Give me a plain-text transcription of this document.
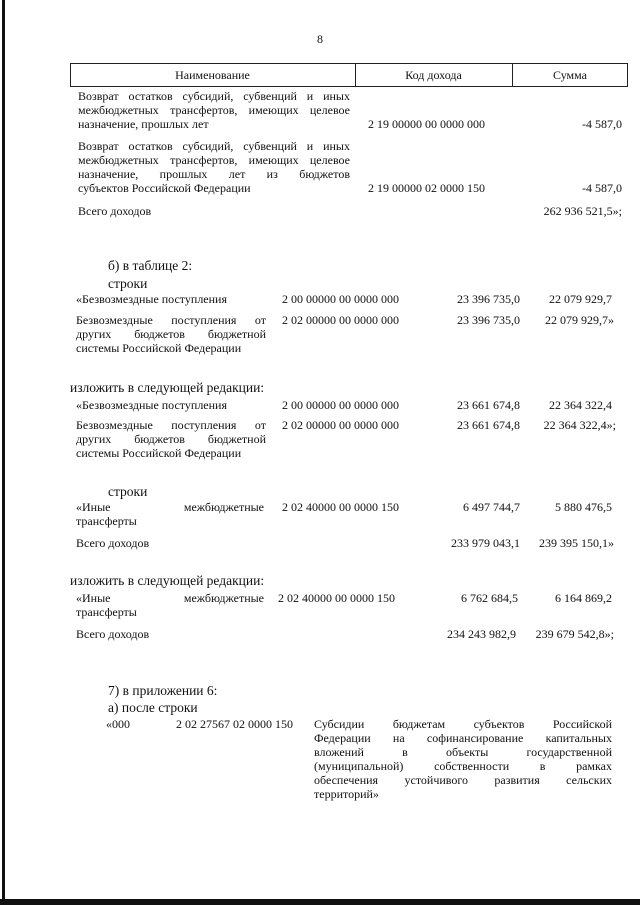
8
Наименование	Код дохода	Сумма
Возврат остатков субсидий, субвенций и иных
межбюджетных трансфертов, имеющих целевое
назначение, прошлых лет	2 19 00000 00 0000 000	-4 587,0
Возврат остатков субсидий, субвенций и иных
межбюджетных трансфертов, имеющих целевое
назначение, прошлых лет из бюджетов
субъектов Российской Федерации	2 19 00000 02 0000 150	-4 587,0
Всего доходов	262 936 521,5»;
б) в таблице 2:
строки
«Безвозмездные поступления	2 00 00000 00 0000 000	23 396 735,0	22 079 929,7
Безвозмездные поступления от
других бюджетов бюджетной
системы Российской Федерации
2 02 00000 00 0000 000	23 396 735,0	22 079 929,7»
изложить в следующей редакции:
«Безвозмездные поступления	2 00 00000 00 0000 000	23 661 674,8	22 364 322,4
Безвозмездные поступления от
других бюджетов бюджетной
системы Российской Федерации
2 02 00000 00 0000 000	23 661 674,8	22 364 322,4»;
строки
«Иные межбюджетные
трансферты
2 02 40000 00 0000 150	6 497 744,7	5 880 476,5
Всего доходов	233 979 043,1	239 395 150,1»
изложить в следующей редакции:
«Иные межбюджетные
трансферты
2 02 40000 00 0000 150	6 762 684,5	6 164 869,2
Всего доходов	234 243 982,9	239 679 542,8»;
7) в приложении 6:
а) после строки
«000	2 02 27567 02 0000 150 Субсидии бюджетам субъектов Российской
Федерации на софинансирование капитальных
вложений в объекты государственной
(муниципальной) собственности в рамках
обеспечения устойчивого развития сельских
территорий»
